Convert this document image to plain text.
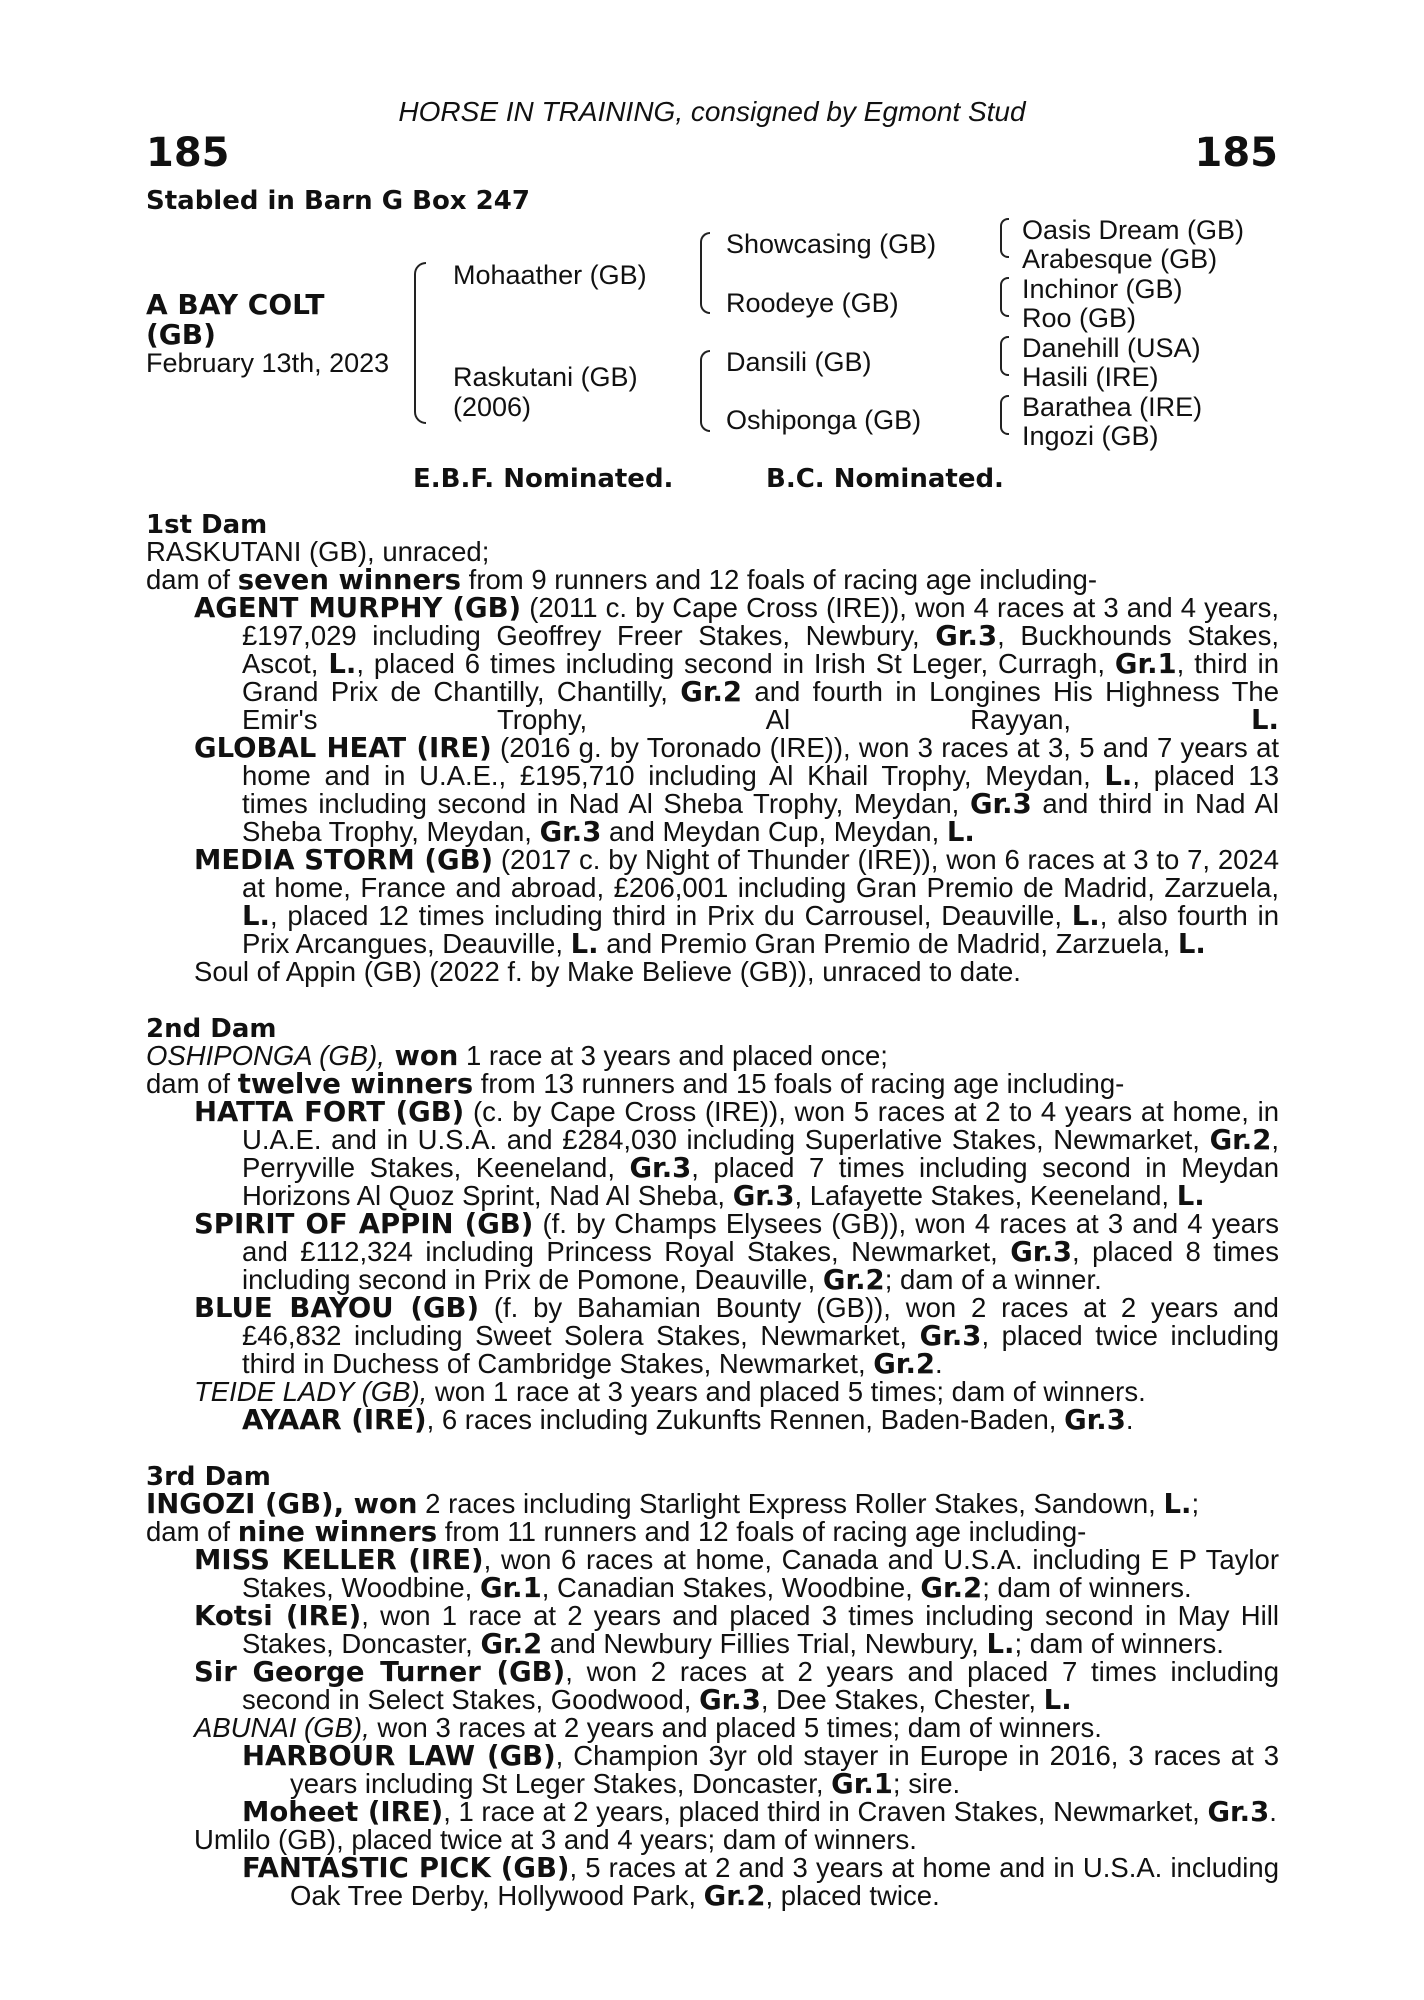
HORSE IN TRAINING, consigned by Egmont Stud
185	185
Stabled in Barn G Box 247
A BAY COLT
(GB)
February 13th, 2023
Mohaather (GB)
Raskutani (GB)
(2006)
Showcasing (GB)
Roodeye (GB)
Dansili (GB)
Oshiponga (GB)
Oasis Dream (GB)
Arabesque (GB)
Inchinor (GB)
Roo (GB)
Danehill (USA)
Hasili (IRE)
Barathea (IRE)
Ingozi (GB)
E.B.F. Nominated.	B.C. Nominated.
1st Dam
RASKUTANI (GB), unraced;
dam of seven winners from 9 runners and 12 foals of racing age including-
AGENT MURPHY (GB) (2011 c. by Cape Cross (IRE)), won 4 races at 3 and 4 years, £197,029 including Geoffrey Freer Stakes, Newbury, Gr.3, Buckhounds Stakes, Ascot, L., placed 6 times including second in Irish St Leger, Curragh, Gr.1, third in Grand Prix de Chantilly, Chantilly, Gr.2 and fourth in Longines His Highness The Emir's Trophy, Al Rayyan, L.
GLOBAL HEAT (IRE) (2016 g. by Toronado (IRE)), won 3 races at 3, 5 and 7 years at home and in U.A.E., £195,710 including Al Khail Trophy, Meydan, L., placed 13 times including second in Nad Al Sheba Trophy, Meydan, Gr.3 and third in Nad Al Sheba Trophy, Meydan, Gr.3 and Meydan Cup, Meydan, L.
MEDIA STORM (GB) (2017 c. by Night of Thunder (IRE)), won 6 races at 3 to 7, 2024 at home, France and abroad, £206,001 including Gran Premio de Madrid, Zarzuela, L., placed 12 times including third in Prix du Carrousel, Deauville, L., also fourth in Prix Arcangues, Deauville, L. and Premio Gran Premio de Madrid, Zarzuela, L.
Soul of Appin (GB) (2022 f. by Make Believe (GB)), unraced to date.
2nd Dam
OSHIPONGA (GB), won 1 race at 3 years and placed once;
dam of twelve winners from 13 runners and 15 foals of racing age including-
HATTA FORT (GB) (c. by Cape Cross (IRE)), won 5 races at 2 to 4 years at home, in U.A.E. and in U.S.A. and £284,030 including Superlative Stakes, Newmarket, Gr.2, Perryville Stakes, Keeneland, Gr.3, placed 7 times including second in Meydan Horizons Al Quoz Sprint, Nad Al Sheba, Gr.3, Lafayette Stakes, Keeneland, L.
SPIRIT OF APPIN (GB) (f. by Champs Elysees (GB)), won 4 races at 3 and 4 years and £112,324 including Princess Royal Stakes, Newmarket, Gr.3, placed 8 times including second in Prix de Pomone, Deauville, Gr.2; dam of a winner.
BLUE BAYOU (GB) (f. by Bahamian Bounty (GB)), won 2 races at 2 years and £46,832 including Sweet Solera Stakes, Newmarket, Gr.3, placed twice including third in Duchess of Cambridge Stakes, Newmarket, Gr.2.
TEIDE LADY (GB), won 1 race at 3 years and placed 5 times; dam of winners.
AYAAR (IRE), 6 races including Zukunfts Rennen, Baden-Baden, Gr.3.
3rd Dam
INGOZI (GB), won 2 races including Starlight Express Roller Stakes, Sandown, L.;
dam of nine winners from 11 runners and 12 foals of racing age including-
MISS KELLER (IRE), won 6 races at home, Canada and U.S.A. including E P Taylor Stakes, Woodbine, Gr.1, Canadian Stakes, Woodbine, Gr.2; dam of winners.
Kotsi (IRE), won 1 race at 2 years and placed 3 times including second in May Hill Stakes, Doncaster, Gr.2 and Newbury Fillies Trial, Newbury, L.; dam of winners.
Sir George Turner (GB), won 2 races at 2 years and placed 7 times including second in Select Stakes, Goodwood, Gr.3, Dee Stakes, Chester, L.
ABUNAI (GB), won 3 races at 2 years and placed 5 times; dam of winners.
HARBOUR LAW (GB), Champion 3yr old stayer in Europe in 2016, 3 races at 3 years including St Leger Stakes, Doncaster, Gr.1; sire.
Moheet (IRE), 1 race at 2 years, placed third in Craven Stakes, Newmarket, Gr.3.
Umlilo (GB), placed twice at 3 and 4 years; dam of winners.
FANTASTIC PICK (GB), 5 races at 2 and 3 years at home and in U.S.A. including Oak Tree Derby, Hollywood Park, Gr.2, placed twice.
